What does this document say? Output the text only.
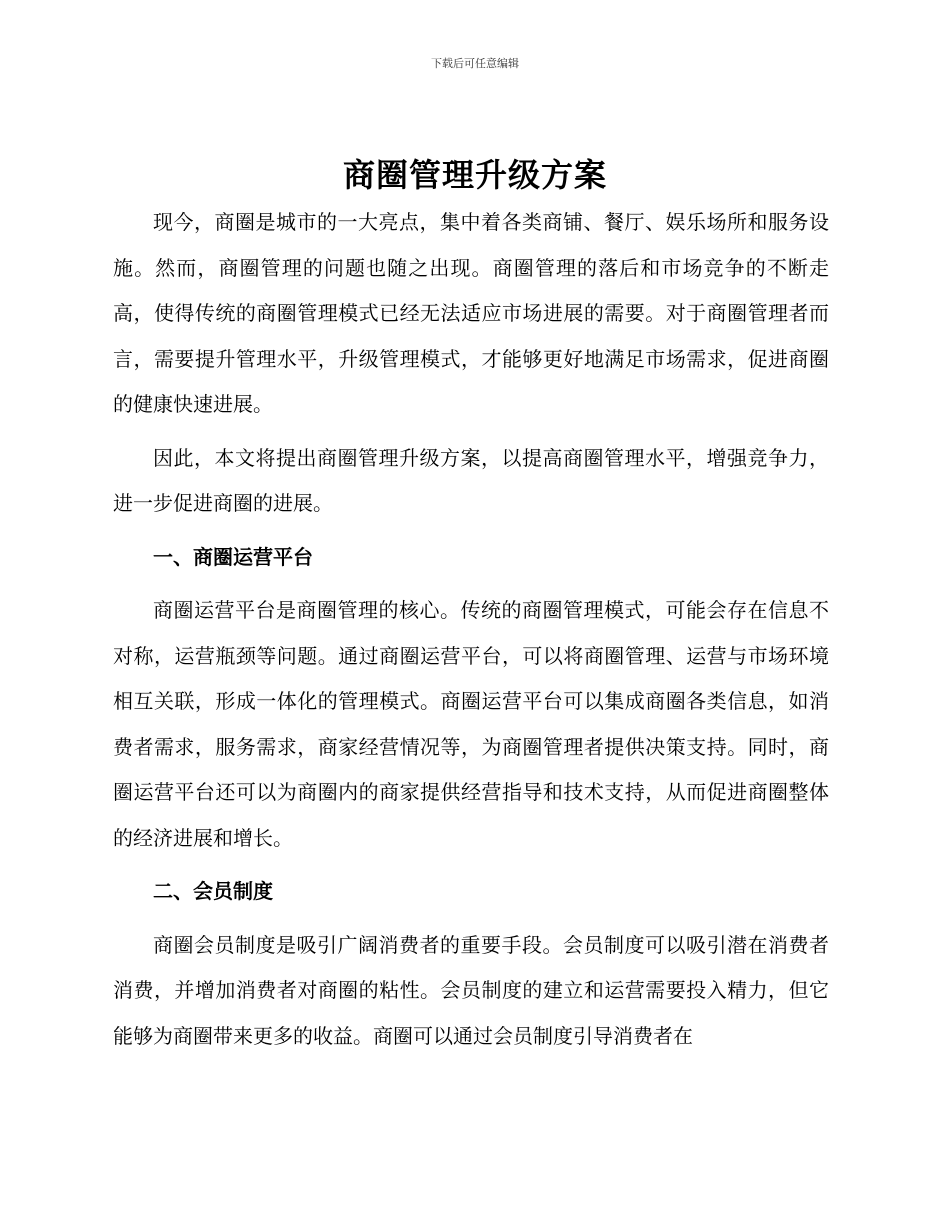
下载后可任意编辑
商圈管理升级方案

现今，商圈是城市的一大亮点，集中着各类商铺、餐厅、娱乐场所和服务设施。然而，商圈管理的问题也随之出现。商圈管理的落后和市场竞争的不断走高，使得传统的商圈管理模式已经无法适应市场进展的需要。对于商圈管理者而言，需要提升管理水平，升级管理模式，才能够更好地满足市场需求，促进商圈的健康快速进展。

因此，本文将提出商圈管理升级方案，以提高商圈管理水平，增强竞争力，进一步促进商圈的进展。

一、商圈运营平台

商圈运营平台是商圈管理的核心。传统的商圈管理模式，可能会存在信息不对称，运营瓶颈等问题。通过商圈运营平台，可以将商圈管理、运营与市场环境相互关联，形成一体化的管理模式。商圈运营平台可以集成商圈各类信息，如消费者需求，服务需求，商家经营情况等，为商圈管理者提供决策支持。同时，商圈运营平台还可以为商圈内的商家提供经营指导和技术支持，从而促进商圈整体的经济进展和增长。

二、会员制度

商圈会员制度是吸引广阔消费者的重要手段。会员制度可以吸引潜在消费者消费，并增加消费者对商圈的粘性。会员制度的建立和运营需要投入精力，但它能够为商圈带来更多的收益。商圈可以通过会员制度引导消费者在
